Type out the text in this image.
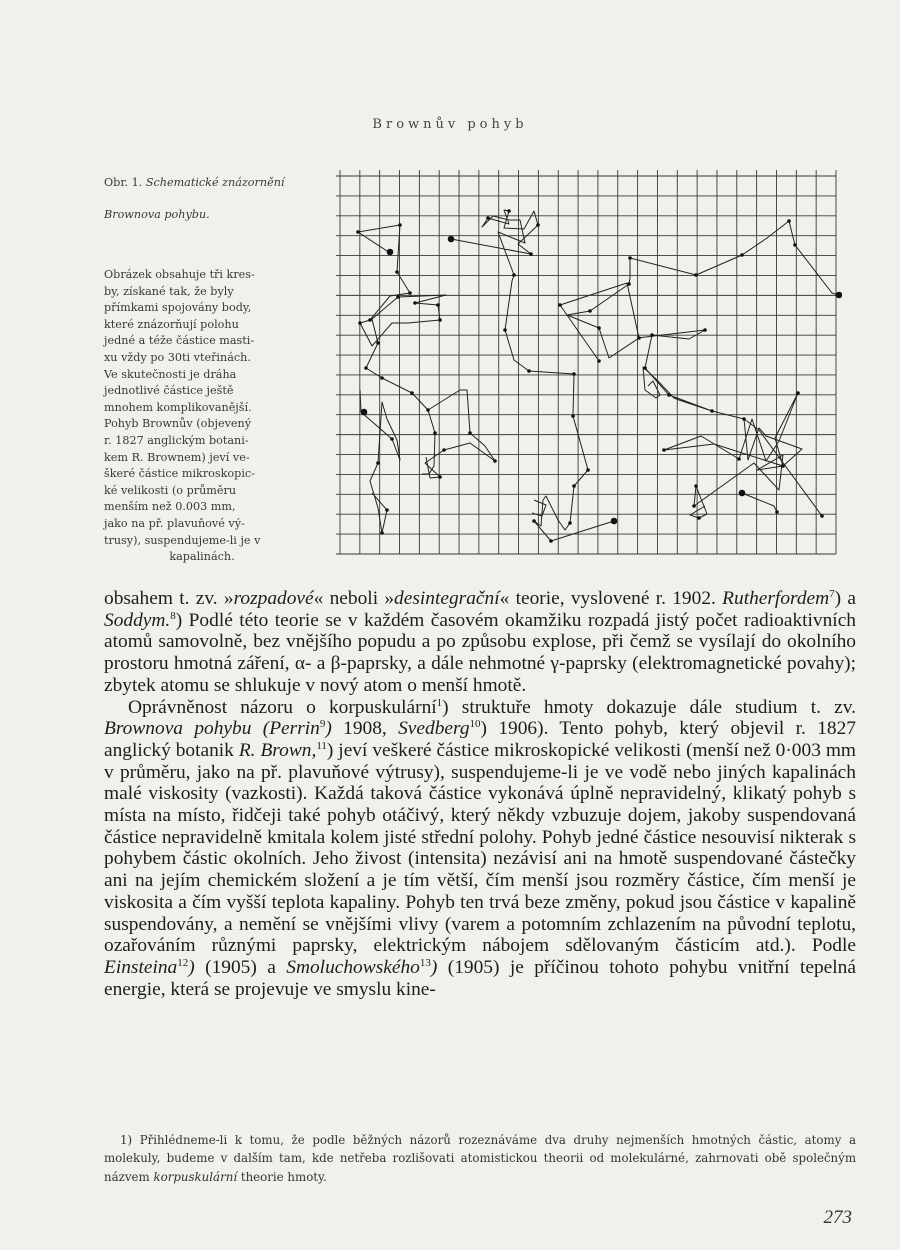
Brownův pohyb
Obr. 1. Schematické znázornění Brownova pohybu.
Obrázek obsahuje tři kres-
by, získané tak, že byly
přímkami spojovány body,
které znázorňují polohu
jedné a téže částice masti-
xu vždy po 30ti vteřinách.
Ve skutečnosti je dráha
jednotlivé částice ještě
mnohem komplikovanější.
Pohyb Brownův (objevený
r. 1827 anglickým botani-
kem R. Brownem) jeví ve-
škeré částice mikroskopic-
ké velikosti (o průměru
menším než 0.003 mm,
jako na př. plavuňové vý-
trusy), suspendujeme-li je v
kapalinách.

obsahem t. zv. »rozpadové« neboli »desintegrační« teorie, vyslovené r. 1902. Rutherfordem$^7$) a Soddym.$^8$) Podlé této teorie se v každém časovém okamžiku rozpadá jistý počet radioaktivních atomů samovolně, bez vnějšího popudu a po způsobu explose, při čemž se vysílají do okolního prostoru hmotná záření, α- a β-paprsky, a dále nehmotné γ-paprsky (elektromagnetické povahy); zbytek atomu se shlukuje v nový atom o menší hmotě.

Oprávněnost názoru o korpuskulární$^1$) struktuře hmoty dokazuje dále studium t. zv. Brownova pohybu (Perrin$^9$) 1908, Svedberg$^{10}$) 1906). Tento pohyb, který objevil r. 1827 anglický botanik R. Brown,$^{11}$) jeví veškeré částice mikroskopické velikosti (menší než 0·003 mm v průměru, jako na př. plavuňové výtrusy), suspendujeme-li je ve vodě nebo jiných kapalinách malé viskosity (vazkosti). Každá taková částice vykonává úplně nepravidelný, klikatý pohyb s místa na místo, řidčeji také pohyb otáčivý, který někdy vzbuzuje dojem, jakoby suspendovaná částice nepravidelně kmitala kolem jisté střední polohy. Pohyb jedné částice nesouvisí nikterak s pohybem částic okolních. Jeho živost (intensita) nezávisí ani na hmotě suspendované částečky ani na jejím chemickém složení a je tím větší, čím menší jsou rozměry částice, čím menší je viskosita a čím vyšší teplota kapaliny. Pohyb ten trvá beze změny, pokud jsou částice v kapalině suspendovány, a nemění se vnějšími vlivy (varem a potomním zchlazením na původní teplotu, ozařováním různými paprsky, elektrickým nábojem sdělovaným částicím atd.). Podle Einsteina$^{12}$) (1905) a Smoluchowského$^{13}$) (1905) je příčinou tohoto pohybu vnitřní tepelná energie, která se projevuje ve smyslu kine-

1) Přihlédneme-li k tomu, že podle běžných názorů rozeznáváme dva druhy nejmenších hmotných částic, atomy a molekuly, budeme v dalším tam, kde netřeba rozlišovati atomistickou theorii od molekulárné, zahrnovati obě společným názvem korpuskulární theorie hmoty.

273
